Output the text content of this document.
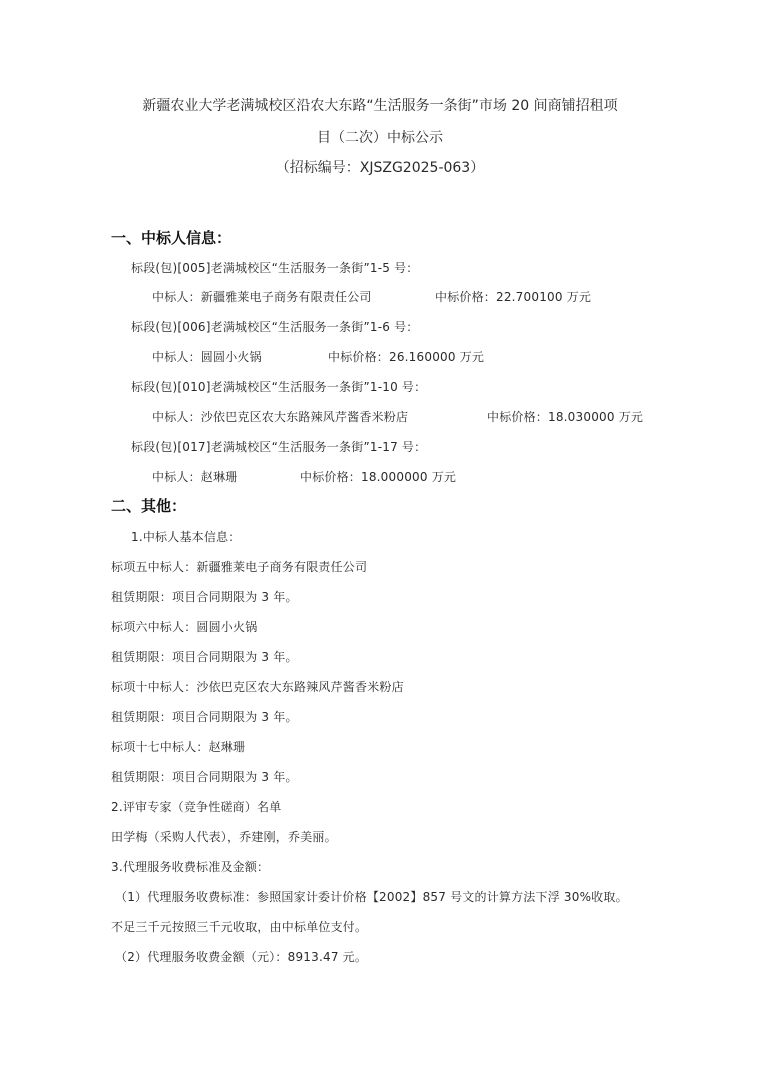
新疆农业大学老满城校区沿农大东路“生活服务一条街”市场 20 间商铺招租项
目（二次）中标公示
（招标编号：XJSZG2025-063）
一、中标人信息：
标段(包)[005]老满城校区“生活服务一条街”1-5 号：
中标人：新疆雅莱电子商务有限责任公司	中标价格：22.700100 万元
标段(包)[006]老满城校区“生活服务一条街”1-6 号：
中标人：圆圆小火锅	中标价格：26.160000 万元
标段(包)[010]老满城校区“生活服务一条街”1-10 号：
中标人：沙依巴克区农大东路辣风芹酱香米粉店	中标价格：18.030000 万元
标段(包)[017]老满城校区“生活服务一条街”1-17 号：
中标人：赵琳珊	中标价格：18.000000 万元
二、其他：
1.中标人基本信息：
标项五中标人：新疆雅莱电子商务有限责任公司
租赁期限：项目合同期限为 3 年。
标项六中标人：圆圆小火锅
租赁期限：项目合同期限为 3 年。
标项十中标人：沙依巴克区农大东路辣风芹酱香米粉店
租赁期限：项目合同期限为 3 年。
标项十七中标人：赵琳珊
租赁期限：项目合同期限为 3 年。
2.评审专家（竞争性磋商）名单
田学梅（采购人代表），乔建刚，乔美丽。
3.代理服务收费标准及金额：
（1）代理服务收费标准：参照国家计委计价格【2002】857 号文的计算方法下浮 30%收取。
不足三千元按照三千元收取，由中标单位支付。
（2）代理服务收费金额（元）：8913.47 元。
